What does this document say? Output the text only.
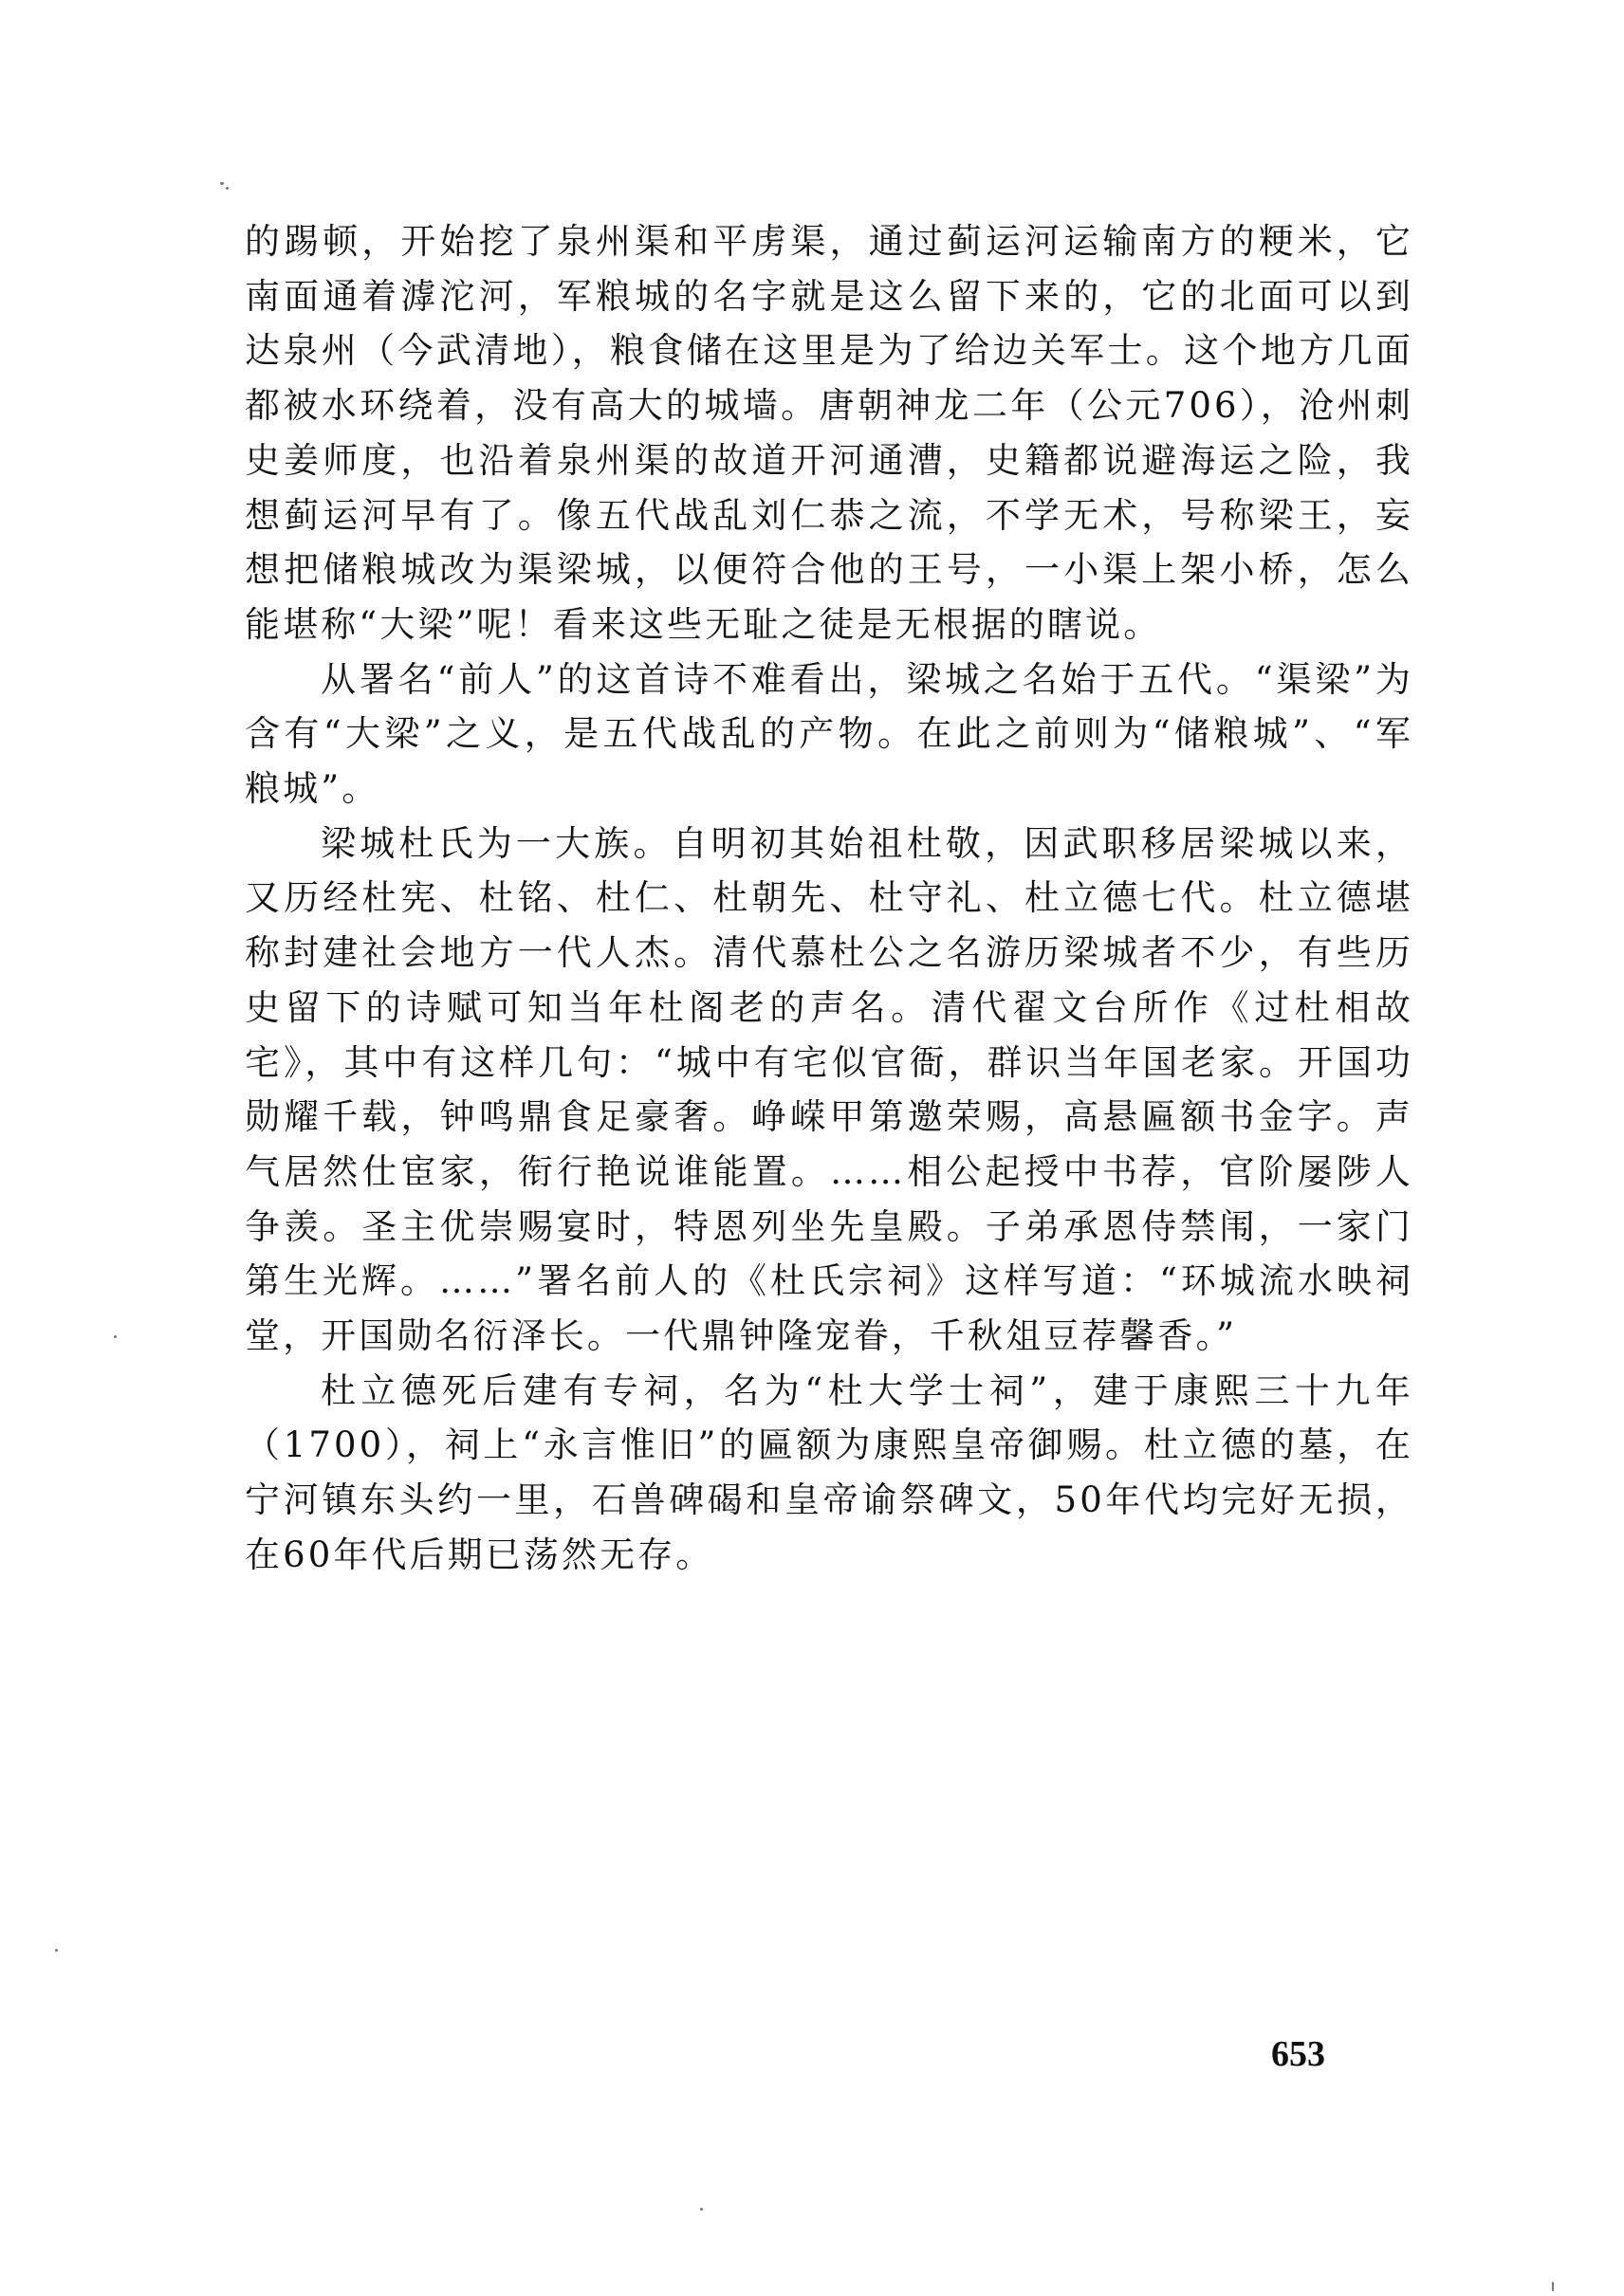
的踢顿，开始挖了泉州渠和平虏渠，通过蓟运河运输南方的粳米，它南面通着滹沱河，军粮城的名字就是这么留下来的，它的北面可以到达泉州（今武清地），粮食储在这里是为了给边关军士。这个地方几面都被水环绕着，没有高大的城墙。唐朝神龙二年（公元706），沧州刺史姜师度，也沿着泉州渠的故道开河通漕，史籍都说避海运之险，我想蓟运河早有了。像五代战乱刘仁恭之流，不学无术，号称梁王，妄想把储粮城改为渠梁城，以便符合他的王号，一小渠上架小桥，怎么能堪称“大梁”呢！看来这些无耻之徒是无根据的瞎说。

从署名“前人”的这首诗不难看出，梁城之名始于五代。“渠梁”为含有“大梁”之义，是五代战乱的产物。在此之前则为“储粮城”、“军粮城”。

梁城杜氏为一大族。自明初其始祖杜敬，因武职移居梁城以来，又历经杜宪、杜铭、杜仁、杜朝先、杜守礼、杜立德七代。杜立德堪称封建社会地方一代人杰。清代慕杜公之名游历梁城者不少，有些历史留下的诗赋可知当年杜阁老的声名。清代翟文台所作《过杜相故宅》，其中有这样几句：“城中有宅似官衙，群识当年国老家。开国功勋耀千载，钟鸣鼎食足豪奢。峥嵘甲第邀荣赐，高悬匾额书金字。声气居然仕宦家，衔行艳说谁能置。……相公起授中书荐，官阶屡陟人争羡。圣主优崇赐宴时，特恩列坐先皇殿。子弟承恩侍禁闱，一家门第生光辉。……”署名前人的《杜氏宗祠》这样写道：“环城流水映祠堂，开国勋名衍泽长。一代鼎钟隆宠眷，千秋俎豆荐馨香。”

杜立德死后建有专祠，名为“杜大学士祠”，建于康熙三十九年（1700），祠上“永言惟旧”的匾额为康熙皇帝御赐。杜立德的墓，在宁河镇东头约一里，石兽碑碣和皇帝谕祭碑文，50年代均完好无损，在60年代后期已荡然无存。

653
